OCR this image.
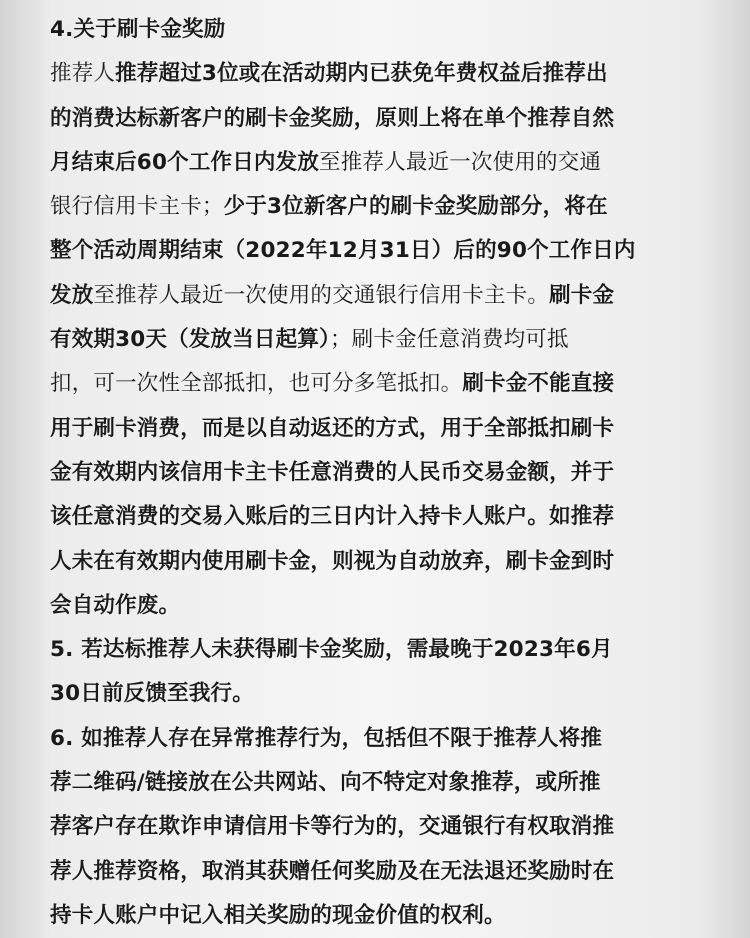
4.关于刷卡金奖励
推荐人推荐超过3位或在活动期内已获免年费权益后推荐出
的消费达标新客户的刷卡金奖励，原则上将在单个推荐自然
月结束后60个工作日内发放至推荐人最近一次使用的交通
银行信用卡主卡；少于3位新客户的刷卡金奖励部分，将在
整个活动周期结束（2022年12月31日）后的90个工作日内
发放至推荐人最近一次使用的交通银行信用卡主卡。刷卡金
有效期30天（发放当日起算）；刷卡金任意消费均可抵
扣，可一次性全部抵扣，也可分多笔抵扣。刷卡金不能直接
用于刷卡消费，而是以自动返还的方式，用于全部抵扣刷卡
金有效期内该信用卡主卡任意消费的人民币交易金额，并于
该任意消费的交易入账后的三日内计入持卡人账户。如推荐
人未在有效期内使用刷卡金，则视为自动放弃，刷卡金到时
会自动作废。
5. 若达标推荐人未获得刷卡金奖励，需最晚于2023年6月
30日前反馈至我行。
6. 如推荐人存在异常推荐行为，包括但不限于推荐人将推
荐二维码/链接放在公共网站、向不特定对象推荐，或所推
荐客户存在欺诈申请信用卡等行为的，交通银行有权取消推
荐人推荐资格，取消其获赠任何奖励及在无法退还奖励时在
持卡人账户中记入相关奖励的现金价值的权利。
